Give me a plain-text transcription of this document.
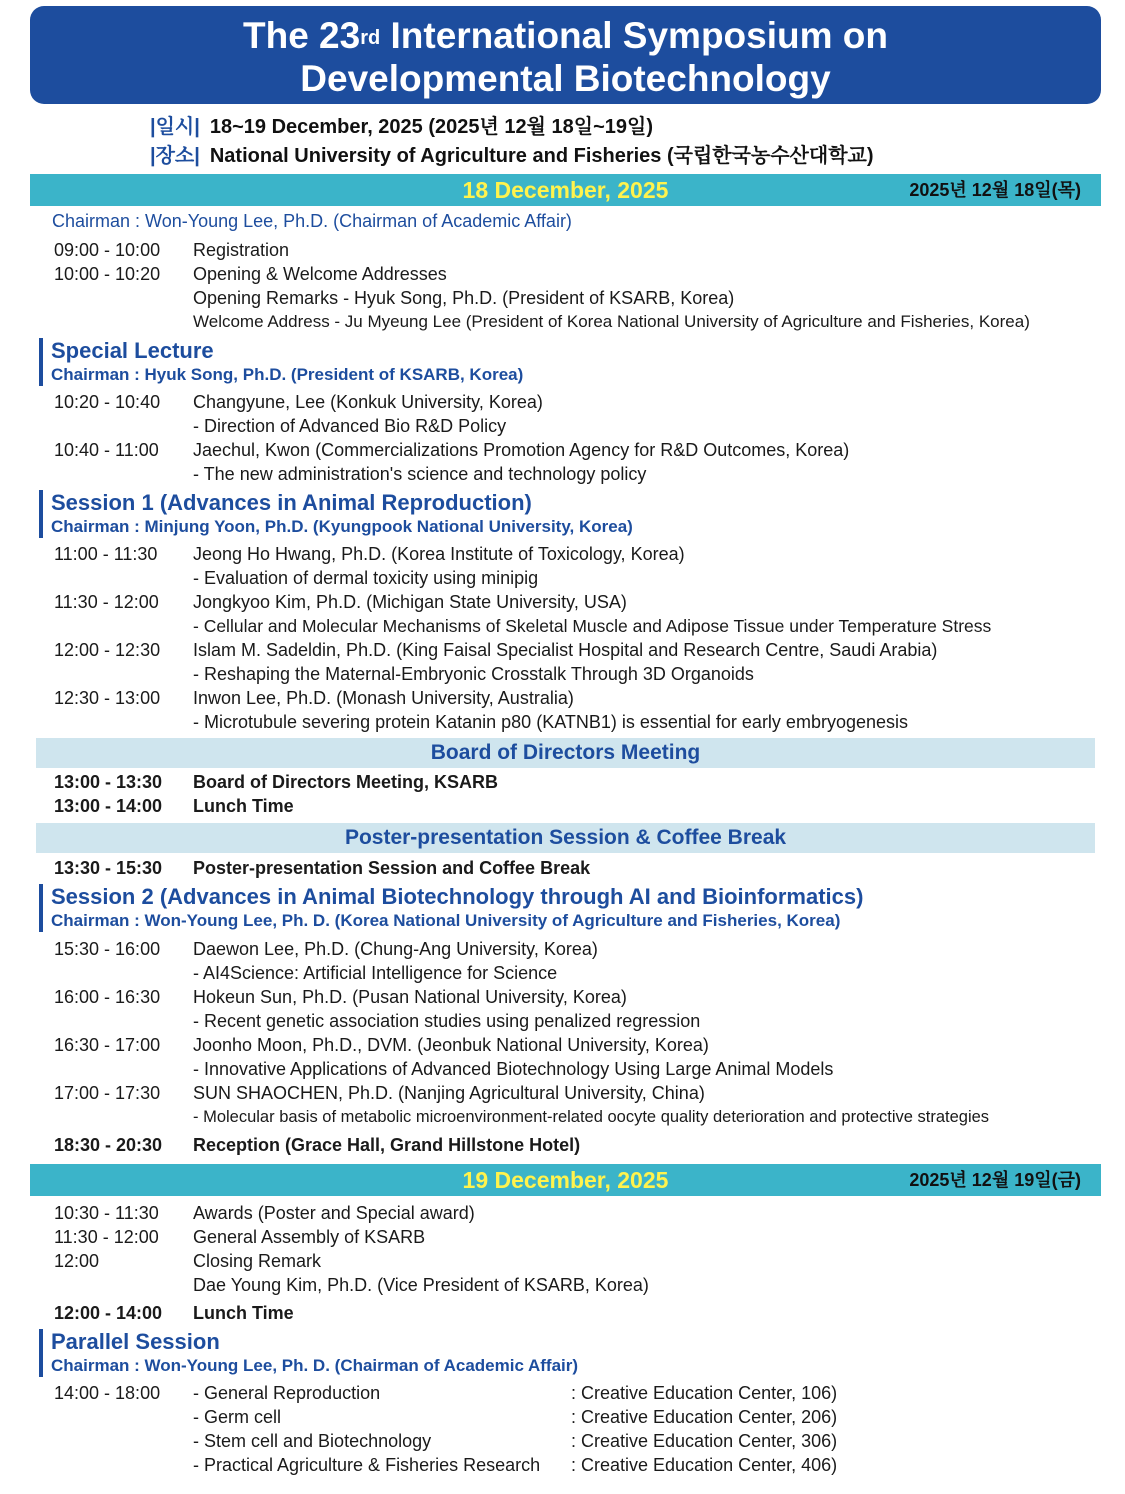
The 23rd International Symposium on
Developmental Biotechnology
|일시| 18~19 December, 2025 (2025년 12월 18일~19일)
|장소| National University of Agriculture and Fisheries (국립한국농수산대학교)
18 December, 2025	2025년 12월 18일(목)
Chairman : Won-Young Lee, Ph.D. (Chairman of Academic Affair)
09:00 - 10:00 Registration
10:00 - 10:20 Opening & Welcome Addresses
Opening Remarks - Hyuk Song, Ph.D. (President of KSARB, Korea)
Welcome Address - Ju Myeung Lee (President of Korea National University of Agriculture and Fisheries, Korea)
Special Lecture
Chairman : Hyuk Song, Ph.D. (President of KSARB, Korea)
10:20 - 10:40 Changyune, Lee (Konkuk University, Korea)
- Direction of Advanced Bio R&D Policy
10:40 - 11:00 Jaechul, Kwon (Commercializations Promotion Agency for R&D Outcomes, Korea)
- The new administration's science and technology policy
Session 1 (Advances in Animal Reproduction)
Chairman : Minjung Yoon, Ph.D. (Kyungpook National University, Korea)
11:00 - 11:30 Jeong Ho Hwang, Ph.D. (Korea Institute of Toxicology, Korea)
- Evaluation of dermal toxicity using minipig
11:30 - 12:00 Jongkyoo Kim, Ph.D. (Michigan State University, USA)
- Cellular and Molecular Mechanisms of Skeletal Muscle and Adipose Tissue under Temperature Stress
12:00 - 12:30 Islam M. Sadeldin, Ph.D. (King Faisal Specialist Hospital and Research Centre, Saudi Arabia)
- Reshaping the Maternal-Embryonic Crosstalk Through 3D Organoids
12:30 - 13:00 Inwon Lee, Ph.D. (Monash University, Australia)
- Microtubule severing protein Katanin p80 (KATNB1) is essential for early embryogenesis
Board of Directors Meeting
13:00 - 13:30 Board of Directors Meeting, KSARB
13:00 - 14:00 Lunch Time
Poster-presentation Session & Coffee Break
13:30 - 15:30 Poster-presentation Session and Coffee Break
Session 2 (Advances in Animal Biotechnology through AI and Bioinformatics)
Chairman : Won-Young Lee, Ph. D. (Korea National University of Agriculture and Fisheries, Korea)
15:30 - 16:00 Daewon Lee, Ph.D. (Chung-Ang University, Korea)
- AI4Science: Artificial Intelligence for Science
16:00 - 16:30 Hokeun Sun, Ph.D. (Pusan National University, Korea)
- Recent genetic association studies using penalized regression
16:30 - 17:00 Joonho Moon, Ph.D., DVM. (Jeonbuk National University, Korea)
- Innovative Applications of Advanced Biotechnology Using Large Animal Models
17:00 - 17:30 SUN SHAOCHEN, Ph.D. (Nanjing Agricultural University, China)
- Molecular basis of metabolic microenvironment-related oocyte quality deterioration and protective strategies
18:30 - 20:30 Reception (Grace Hall, Grand Hillstone Hotel)
19 December, 2025	2025년 12월 19일(금)
10:30 - 11:30 Awards (Poster and Special award)
11:30 - 12:00 General Assembly of KSARB
12:00	Closing Remark
Dae Young Kim, Ph.D. (Vice President of KSARB, Korea)
12:00 - 14:00 Lunch Time
Parallel Session
Chairman : Won-Young Lee, Ph. D. (Chairman of Academic Affair)
14:00 - 18:00	- General Reproduction	: Creative Education Center, 106)
- Germ cell	: Creative Education Center, 206)
- Stem cell and Biotechnology	: Creative Education Center, 306)
- Practical Agriculture & Fisheries Research : Creative Education Center, 406)
